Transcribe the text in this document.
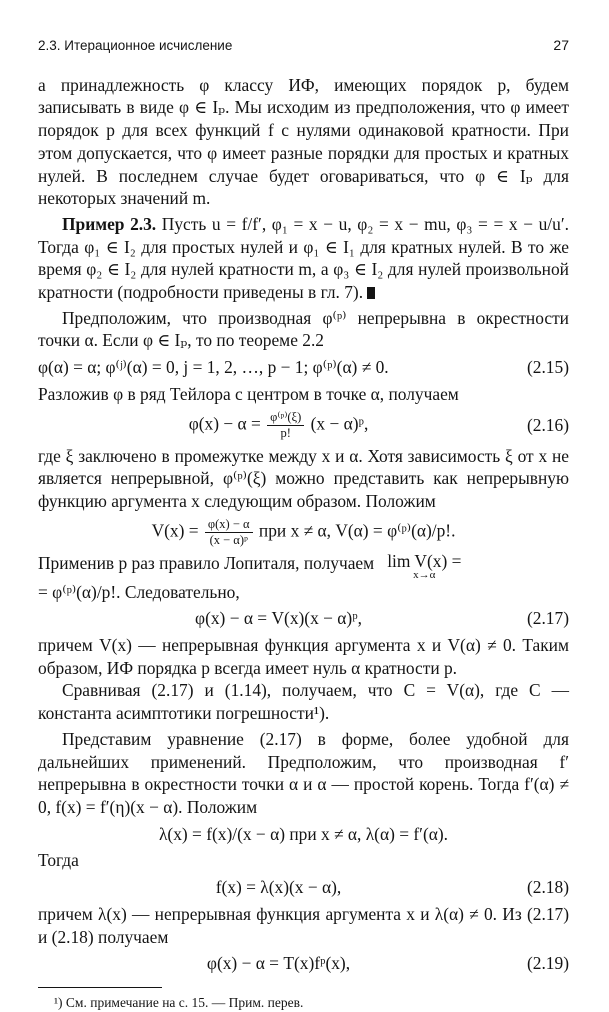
2.3. Итерационное исчисление	27

а принадлежность φ классу ИФ, имеющих порядок p, будем записывать в виде φ ∈ Iₚ. Мы исходим из предположения, что φ имеет порядок p для всех функций f с нулями одинаковой кратности. При этом допускается, что φ имеет разные порядки для простых и кратных нулей. В последнем случае будет оговариваться, что φ ∈ Iₚ для некоторых значений m.

Пример 2.3. Пусть u = f/f′, φ₁ = x − u, φ₂ = x − mu, φ₃ = = x − u/u′. Тогда φ₁ ∈ I₂ для простых нулей и φ₁ ∈ I₁ для кратных нулей. В то же время φ₂ ∈ I₂ для нулей кратности m, а φ₃ ∈ I₂ для нулей произвольной кратности (подробности приведены в гл. 7).

Предположим, что производная φ⁽ᵖ⁾ непрерывна в окрестности точки α. Если φ ∈ Iₚ, то по теореме 2.2

φ(α) = α; φ⁽ʲ⁾(α) = 0, j = 1, 2, …, p − 1; φ⁽ᵖ⁾(α) ≠ 0.	(2.15)

Разложив φ в ряд Тейлора с центром в точке α, получаем

$\varphi(x) - \alpha = \frac{\text{φ⁽ᵖ⁾(ξ)}}{p!} (x$ − α)ᵖ,	(2.16)

где ξ заключено в промежутке между x и α. Хотя зависимость ξ от x не является непрерывной, φ⁽ᵖ⁾(ξ) можно представить как непрерывную функцию аргумента x следующим образом. Положим

$V(x) = \frac{\varphi(x) - \alpha}{\text{(x − α)ᵖ}}$ при x ≠ α, V(α) = φ⁽ᵖ⁾(α)/p!.

Применив p раз правило Лопиталя, получаем lim V(x) =
x→α

= φ⁽ᵖ⁾(α)/p!. Следовательно,

φ(x) − α = V(x)(x − α)ᵖ,	(2.17)

причем V(x) — непрерывная функция аргумента x и V(α) ≠ 0. Таким образом, ИФ порядка p всегда имеет нуль α кратности p.

Сравнивая (2.17) и (1.14), получаем, что C = V(α), где C — константа асимптотики погрешности¹).

Представим уравнение (2.17) в форме, более удобной для дальнейших применений. Предположим, что производная f′ непрерывна в окрестности точки α и α — простой корень. Тогда f′(α) ≠ 0, f(x) = f′(η)(x − α). Положим

λ(x) = f(x)/(x − α) при x ≠ α, λ(α) = f′(α).

Тогда

f(x) = λ(x)(x − α),	(2.18)

причем λ(x) — непрерывная функция аргумента x и λ(α) ≠ 0. Из (2.17) и (2.18) получаем

φ(x) − α = T(x)fᵖ(x),	(2.19)

¹) См. примечание на с. 15. — Прим. перев.
